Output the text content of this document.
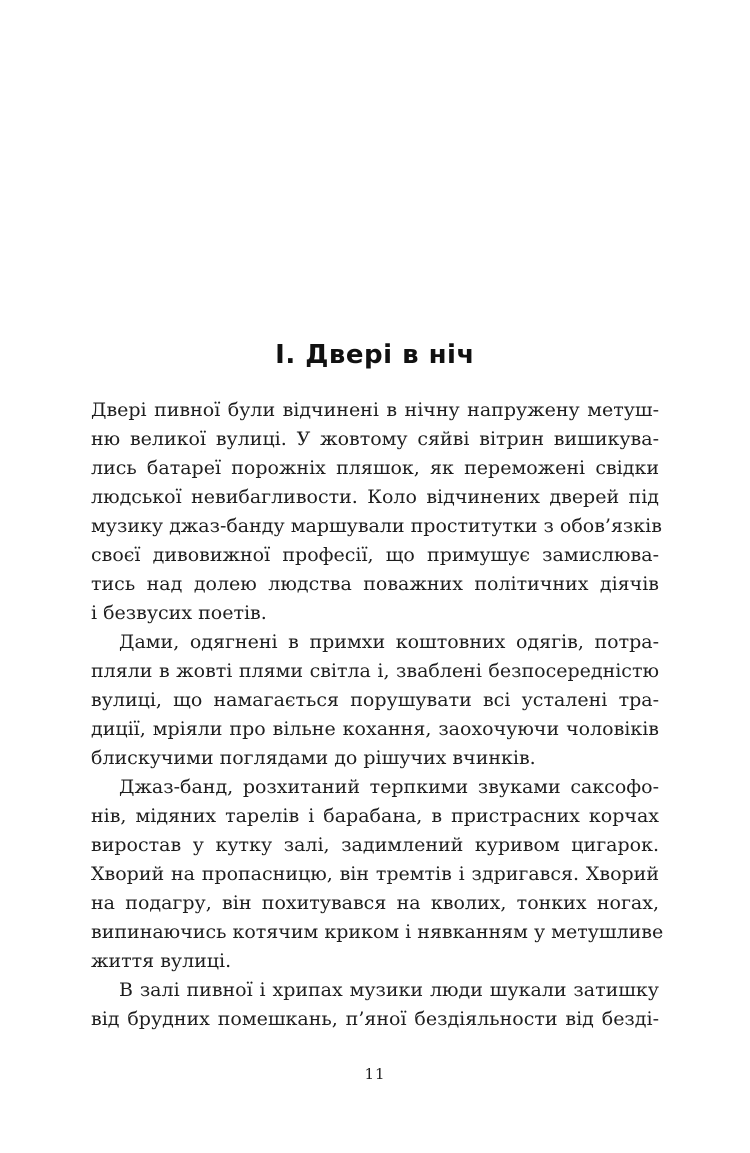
І. Двері в ніч
Двері пивної були відчинені в нічну напружену метуш-
ню великої вулиці. У жовтому сяйві вітрин вишикува-
лись батареї порожніх пляшок, як переможені свідки
людської невибагливости. Коло відчинених дверей під
музику джаз-банду маршували проститутки з обов’язків
своєї дивовижної професії, що примушує замислюва-
тись над долею людства поважних політичних діячів
і безвусих поетів.
Дами, одягнені в примхи коштовних одягів, потра-
пляли в жовті плями світла і, зваблені безпосередністю
вулиці, що намагається порушувати всі усталені тра-
диції, мріяли про вільне кохання, заохочуючи чоловіків
блискучими поглядами до рішучих вчинків.
Джаз-банд, розхитаний терпкими звуками саксофо-
нів, мідяних тарелів і барабана, в пристрасних корчах
виростав у кутку залі, задимлений куривом цигарок.
Хворий на пропасницю, він тремтів і здригався. Хворий
на подагру, він похитувався на кволих, тонких ногах,
випинаючись котячим криком і нявканням у метушливе
життя вулиці.
В залі пивної і хрипах музики люди шукали затишку
від брудних помешкань, п’яної бездіяльности від безді-
11
